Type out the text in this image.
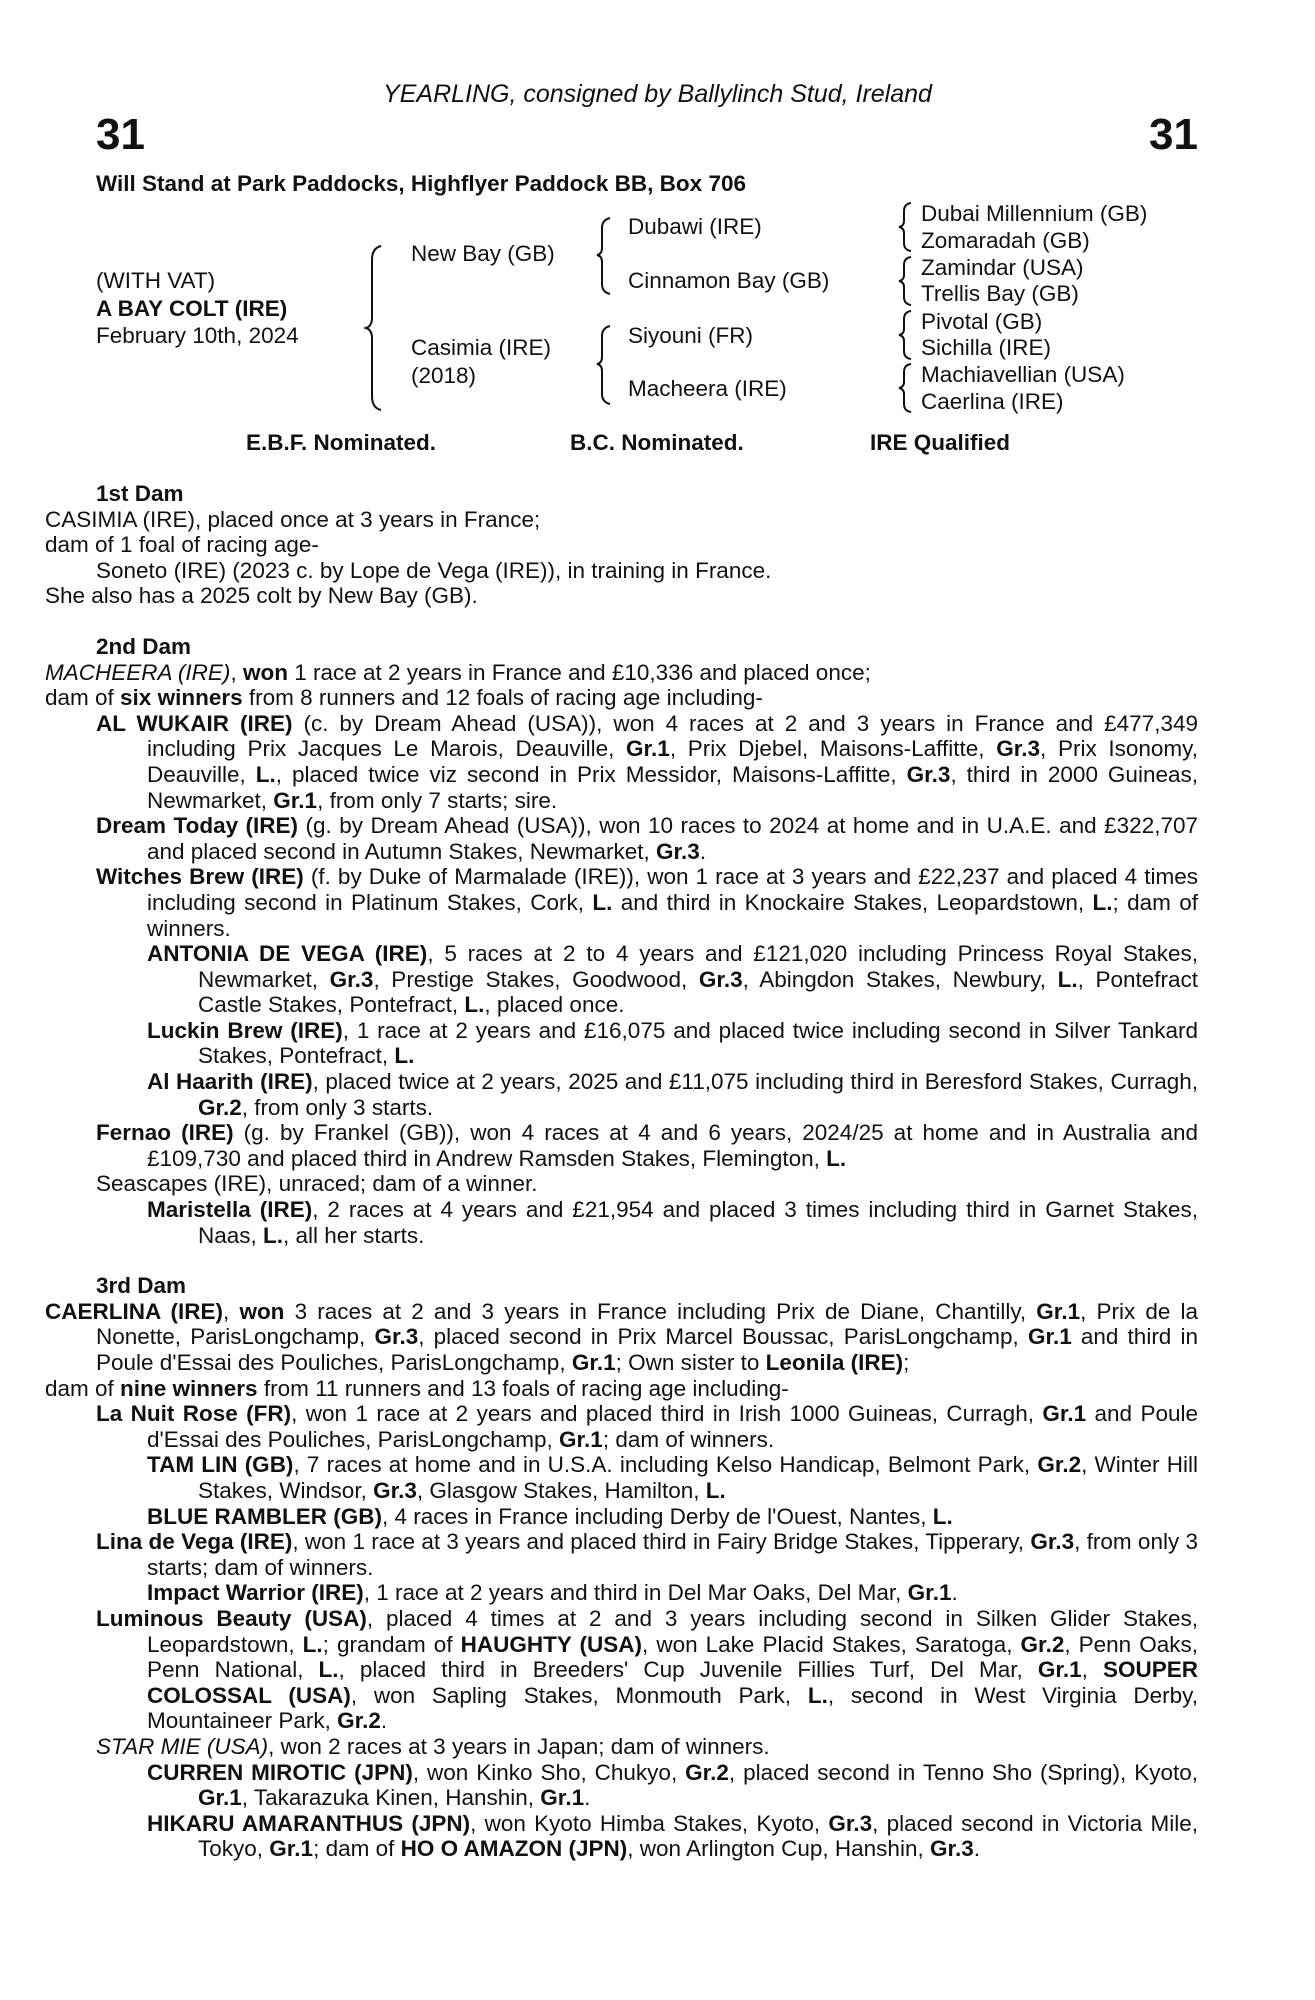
YEARLING, consigned by Ballylinch Stud, Ireland
31	31
Will Stand at Park Paddocks, Highflyer Paddock BB, Box 706
(WITH VAT)
A BAY COLT (IRE)
February 10th, 2024
New Bay (GB)
Casimia (IRE)
(2018)
Dubawi (IRE)
Cinnamon Bay (GB)
Siyouni (FR)
Macheera (IRE)
Dubai Millennium (GB)
Zomaradah (GB)
Zamindar (USA)
Trellis Bay (GB)
Pivotal (GB)
Sichilla (IRE)
Machiavellian (USA)
Caerlina (IRE)
E.B.F. Nominated.	B.C. Nominated.	IRE Qualified
1st Dam
CASIMIA (IRE), placed once at 3 years in France;
dam of 1 foal of racing age-
Soneto (IRE) (2023 c. by Lope de Vega (IRE)), in training in France.
She also has a 2025 colt by New Bay (GB).
2nd Dam
MACHEERA (IRE), won 1 race at 2 years in France and £10,336 and placed once;
dam of six winners from 8 runners and 12 foals of racing age including-
AL WUKAIR (IRE) (c. by Dream Ahead (USA)), won 4 races at 2 and 3 years in France and £477,349 including Prix Jacques Le Marois, Deauville, Gr.1, Prix Djebel, Maisons-Laffitte, Gr.3, Prix Isonomy, Deauville, L., placed twice viz second in Prix Messidor, Maisons-Laffitte, Gr.3, third in 2000 Guineas, Newmarket, Gr.1, from only 7 starts; sire.
Dream Today (IRE) (g. by Dream Ahead (USA)), won 10 races to 2024 at home and in U.A.E. and £322,707 and placed second in Autumn Stakes, Newmarket, Gr.3.
Witches Brew (IRE) (f. by Duke of Marmalade (IRE)), won 1 race at 3 years and £22,237 and placed 4 times including second in Platinum Stakes, Cork, L. and third in Knockaire Stakes, Leopardstown, L.; dam of winners.
ANTONIA DE VEGA (IRE), 5 races at 2 to 4 years and £121,020 including Princess Royal Stakes, Newmarket, Gr.3, Prestige Stakes, Goodwood, Gr.3, Abingdon Stakes, Newbury, L., Pontefract Castle Stakes, Pontefract, L., placed once.
Luckin Brew (IRE), 1 race at 2 years and £16,075 and placed twice including second in Silver Tankard Stakes, Pontefract, L.
Al Haarith (IRE), placed twice at 2 years, 2025 and £11,075 including third in Beresford Stakes, Curragh, Gr.2, from only 3 starts.
Fernao (IRE) (g. by Frankel (GB)), won 4 races at 4 and 6 years, 2024/25 at home and in Australia and £109,730 and placed third in Andrew Ramsden Stakes, Flemington, L.
Seascapes (IRE), unraced; dam of a winner.
Maristella (IRE), 2 races at 4 years and £21,954 and placed 3 times including third in Garnet Stakes, Naas, L., all her starts.
3rd Dam
CAERLINA (IRE), won 3 races at 2 and 3 years in France including Prix de Diane, Chantilly, Gr.1, Prix de la Nonette, ParisLongchamp, Gr.3, placed second in Prix Marcel Boussac, ParisLongchamp, Gr.1 and third in Poule d'Essai des Pouliches, ParisLongchamp, Gr.1; Own sister to Leonila (IRE);
dam of nine winners from 11 runners and 13 foals of racing age including-
La Nuit Rose (FR), won 1 race at 2 years and placed third in Irish 1000 Guineas, Curragh, Gr.1 and Poule d'Essai des Pouliches, ParisLongchamp, Gr.1; dam of winners.
TAM LIN (GB), 7 races at home and in U.S.A. including Kelso Handicap, Belmont Park, Gr.2, Winter Hill Stakes, Windsor, Gr.3, Glasgow Stakes, Hamilton, L.
BLUE RAMBLER (GB), 4 races in France including Derby de l'Ouest, Nantes, L.
Lina de Vega (IRE), won 1 race at 3 years and placed third in Fairy Bridge Stakes, Tipperary, Gr.3, from only 3 starts; dam of winners.
Impact Warrior (IRE), 1 race at 2 years and third in Del Mar Oaks, Del Mar, Gr.1.
Luminous Beauty (USA), placed 4 times at 2 and 3 years including second in Silken Glider Stakes, Leopardstown, L.; grandam of HAUGHTY (USA), won Lake Placid Stakes, Saratoga, Gr.2, Penn Oaks, Penn National, L., placed third in Breeders' Cup Juvenile Fillies Turf, Del Mar, Gr.1, SOUPER COLOSSAL (USA), won Sapling Stakes, Monmouth Park, L., second in West Virginia Derby, Mountaineer Park, Gr.2.
STAR MIE (USA), won 2 races at 3 years in Japan; dam of winners.
CURREN MIROTIC (JPN), won Kinko Sho, Chukyo, Gr.2, placed second in Tenno Sho (Spring), Kyoto, Gr.1, Takarazuka Kinen, Hanshin, Gr.1.
HIKARU AMARANTHUS (JPN), won Kyoto Himba Stakes, Kyoto, Gr.3, placed second in Victoria Mile, Tokyo, Gr.1; dam of HO O AMAZON (JPN), won Arlington Cup, Hanshin, Gr.3.
